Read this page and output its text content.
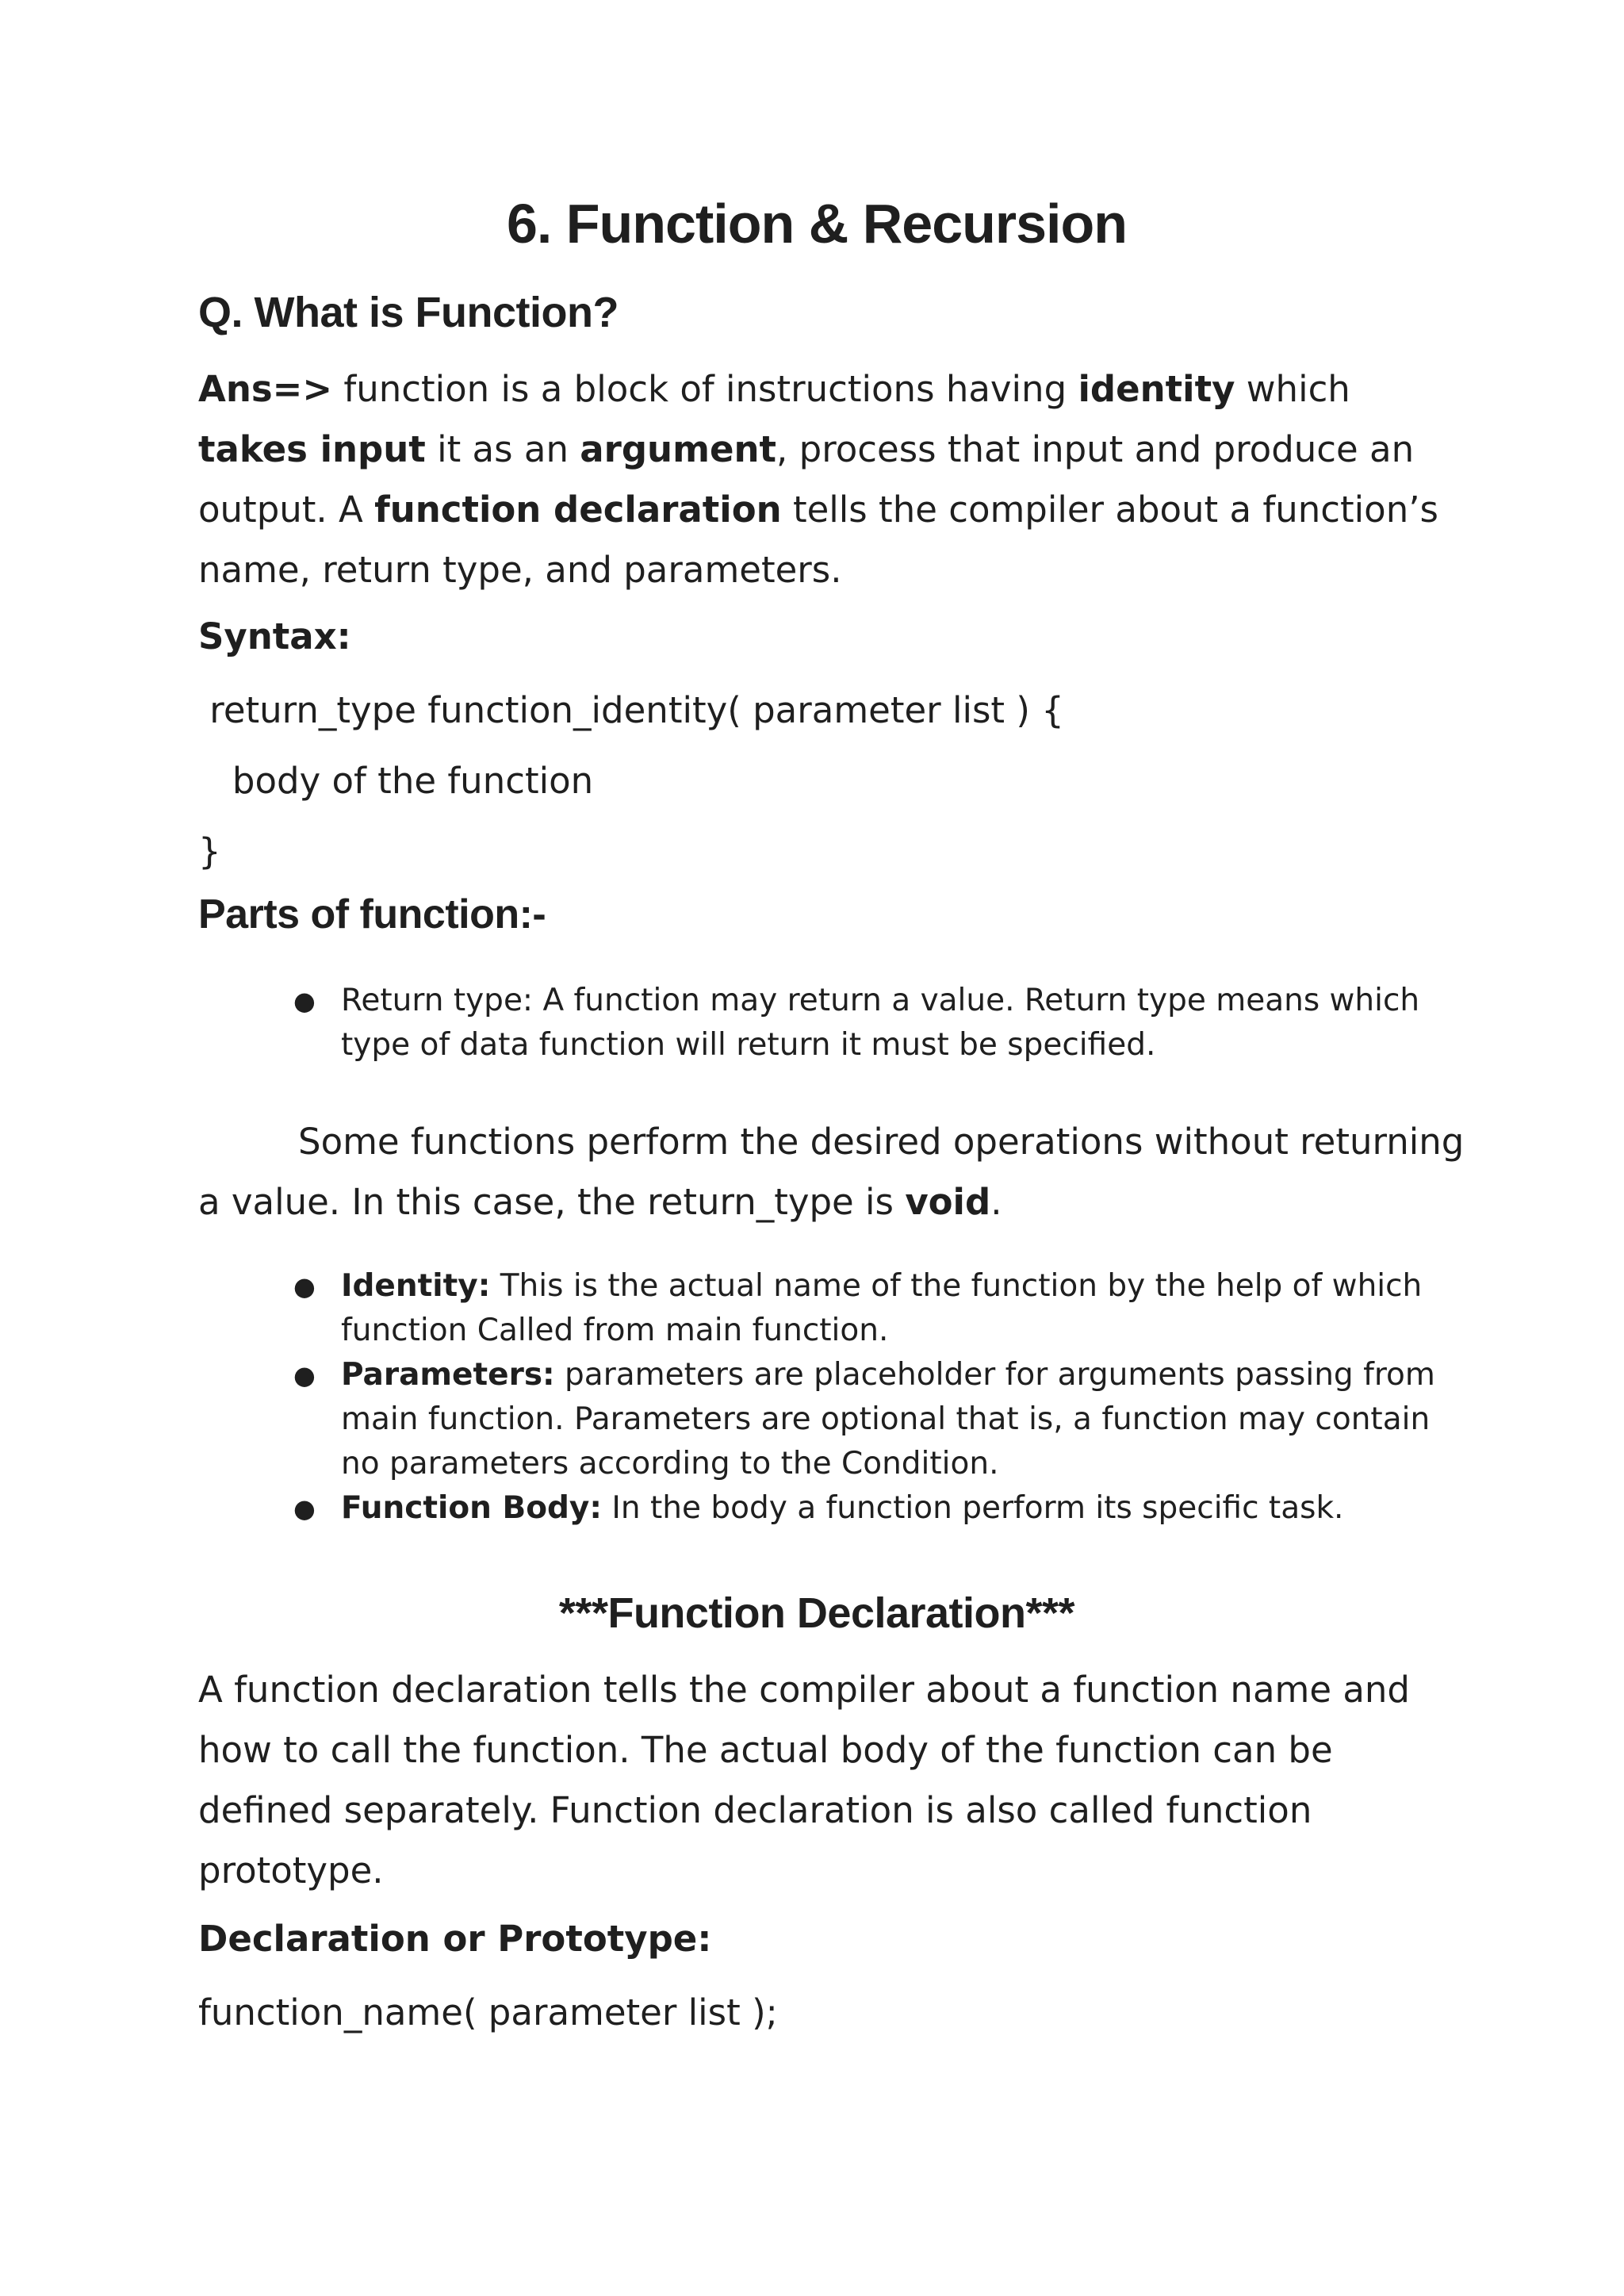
6. Function & Recursion
Q. What is Function?

Ans=> function is a block of instructions having identity which takes input it as an argument, process that input and produce an output. A function declaration tells the compiler about a function’s name, return type, and parameters.

Syntax:

return_type function_identity( parameter list ) {

body of the function

}

Parts of function:-
● Return type: A function may return a value. Return type means which type of data function will return it must be specified.

Some functions perform the desired operations without returning a value. In this case, the return_type is void.

● Identity: This is the actual name of the function by the help of which function Called from main function.
● Parameters: parameters are placeholder for arguments passing from main function. Parameters are optional that is, a function may contain no parameters according to the Condition.
● Function Body: In the body a function perform its specific task.
***Function Declaration***

A function declaration tells the compiler about a function name and how to call the function. The actual body of the function can be defined separately. Function declaration is also called function prototype.

Declaration or Prototype:

function_name( parameter list );
